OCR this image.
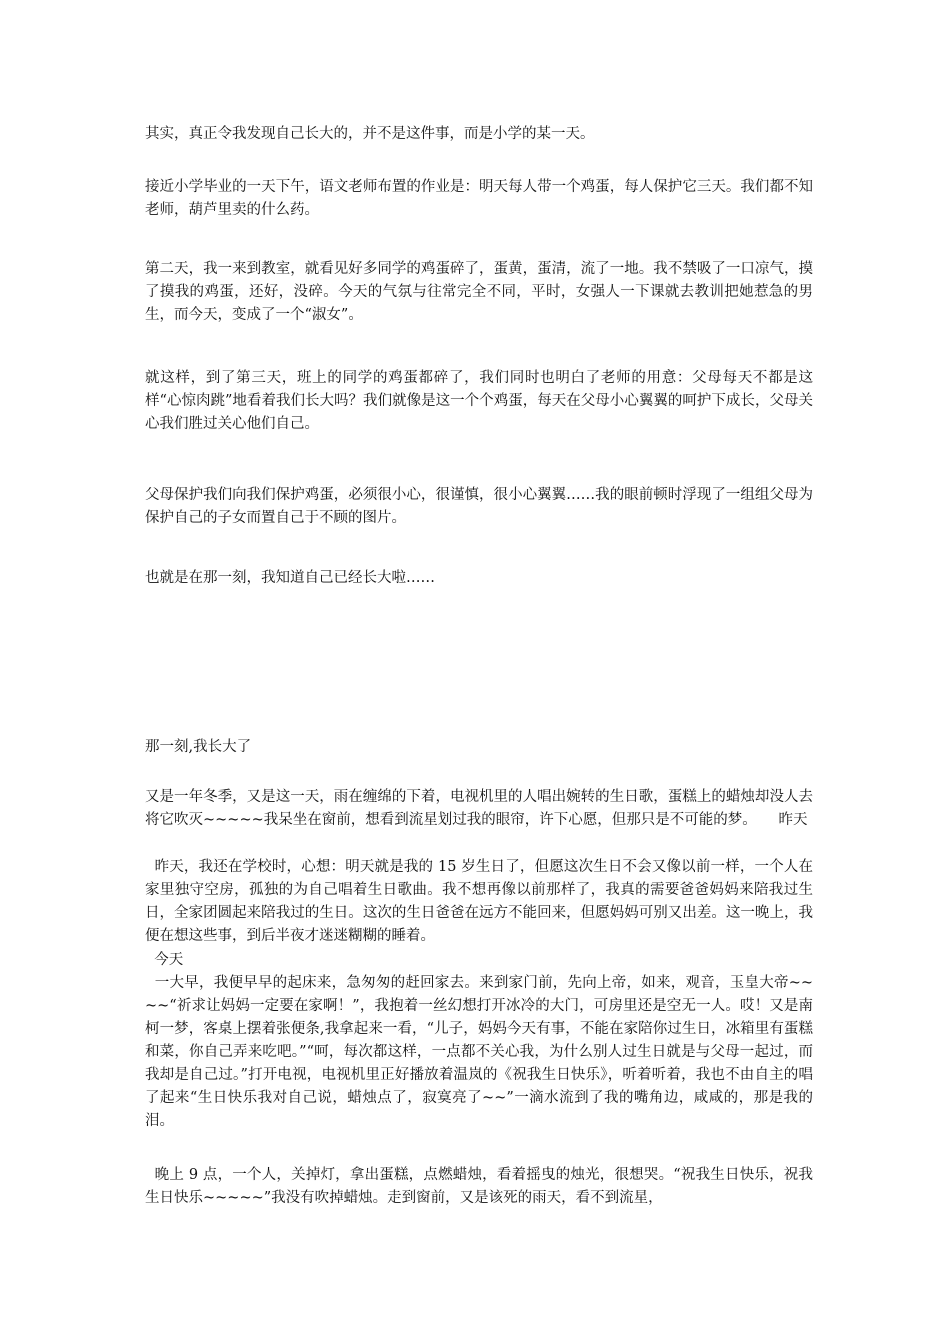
其实，真正令我发现自己长大的，并不是这件事，而是小学的某一天。

接近小学毕业的一天下午，语文老师布置的作业是：明天每人带一个鸡蛋，每人保护它三天。我们都不知老师，葫芦里卖的什么药。

第二天，我一来到教室，就看见好多同学的鸡蛋碎了，蛋黄，蛋清，流了一地。我不禁吸了一口凉气，摸了摸我的鸡蛋，还好，没碎。今天的气氛与往常完全不同，平时，女强人一下课就去教训把她惹急的男生，而今天，变成了一个“淑女”。

就这样，到了第三天，班上的同学的鸡蛋都碎了，我们同时也明白了老师的用意：父母每天不都是这样“心惊肉跳”地看着我们长大吗？我们就像是这一个个鸡蛋，每天在父母小心翼翼的呵护下成长，父母关心我们胜过关心他们自己。

父母保护我们向我们保护鸡蛋，必须很小心，很谨慎，很小心翼翼……我的眼前顿时浮现了一组组父母为保护自己的子女而置自己于不顾的图片。

也就是在那一刻，我知道自己已经长大啦……

那一刻,我长大了

又是一年冬季，又是这一天，雨在缠绵的下着，电视机里的人唱出婉转的生日歌，蛋糕上的蜡烛却没人去将它吹灭~~~~~我呆坐在窗前，想看到流星划过我的眼帘，许下心愿，但那只是不可能的梦。　　昨天

昨天，我还在学校时，心想：明天就是我的 15 岁生日了，但愿这次生日不会又像以前一样，一个人在家里独守空房，孤独的为自己唱着生日歌曲。我不想再像以前那样了，我真的需要爸爸妈妈来陪我过生日，全家团圆起来陪我过的生日。这次的生日爸爸在远方不能回来，但愿妈妈可别又出差。这一晚上，我便在想这些事，到后半夜才迷迷糊糊的睡着。

今天

一大早，我便早早的起床来，急匆匆的赶回家去。来到家门前，先向上帝，如来，观音，玉皇大帝~~~~“祈求让妈妈一定要在家啊！”，我抱着一丝幻想打开冰冷的大门，可房里还是空无一人。哎！又是南柯一梦，客桌上摆着张便条,我拿起来一看，“儿子，妈妈今天有事，不能在家陪你过生日，冰箱里有蛋糕和菜，你自己弄来吃吧。”“呵，每次都这样，一点都不关心我，为什么别人过生日就是与父母一起过，而我却是自己过。”打开电视，电视机里正好播放着温岚的《祝我生日快乐》，听着听着，我也不由自主的唱了起来“生日快乐我对自己说，蜡烛点了，寂寞亮了~~”一滴水流到了我的嘴角边，咸咸的，那是我的泪。

晚上 9 点，一个人，关掉灯，拿出蛋糕，点燃蜡烛，看着摇曳的烛光，很想哭。“祝我生日快乐，祝我生日快乐~~~~~”我没有吹掉蜡烛。走到窗前，又是该死的雨天，看不到流星，
